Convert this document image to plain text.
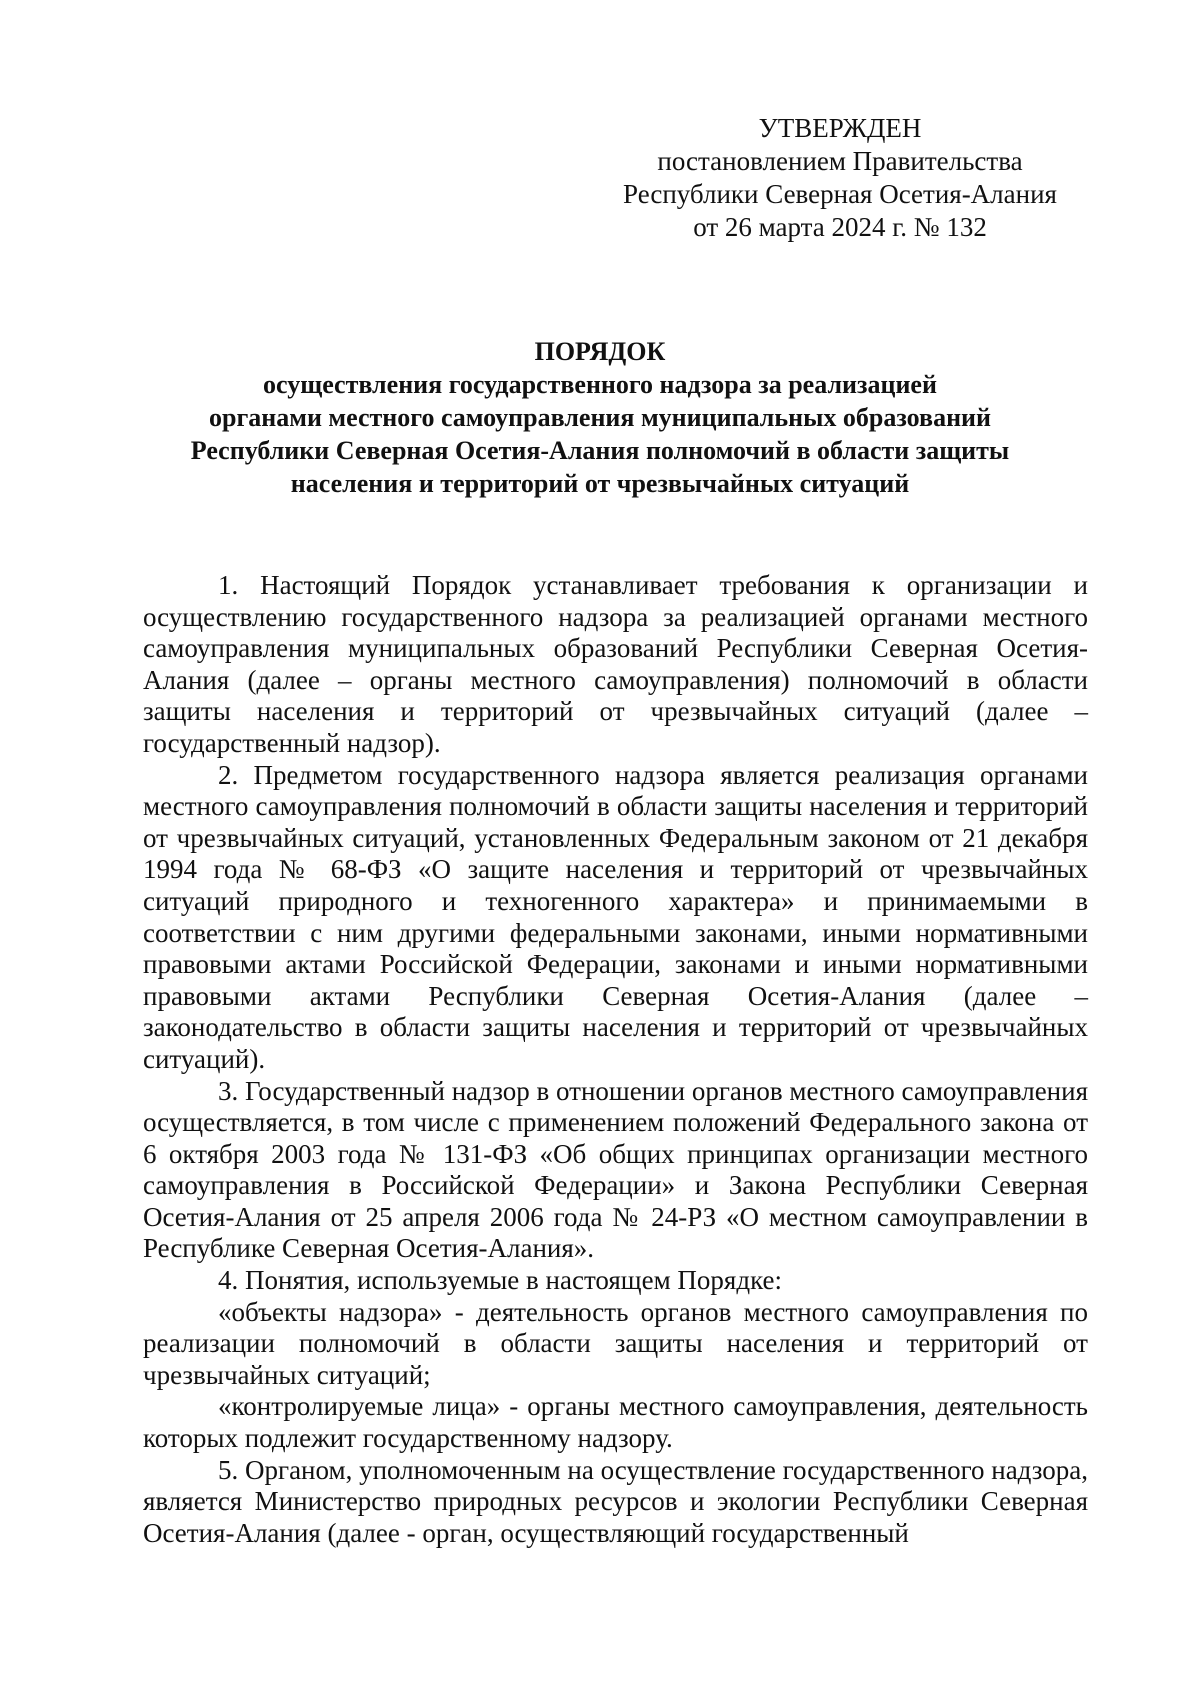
УТВЕРЖДЕН
постановлением Правительства
Республики Северная Осетия-Алания
от 26 марта 2024 г. № 132
ПОРЯДОК
осуществления государственного надзора за реализацией
органами местного самоуправления муниципальных образований
Республики Северная Осетия-Алания полномочий в области защиты
населения и территорий от чрезвычайных ситуаций

1. Настоящий Порядок устанавливает требования к организации и осуществлению государственного надзора за реализацией органами местного самоуправления муниципальных образований Республики Северная Осетия-Алания (далее – органы местного самоуправления) полномочий в области защиты населения и территорий от чрезвычайных ситуаций (далее – государственный надзор).

2. Предметом государственного надзора является реализация органами местного самоуправления полномочий в области защиты населения и территорий от чрезвычайных ситуаций, установленных Федеральным законом от 21 декабря 1994 года № 68-ФЗ «О защите населения и территорий от чрезвычайных ситуаций природного и техногенного характера» и принимаемыми в соответствии с ним другими федеральными законами, иными нормативными правовыми актами Российской Федерации, законами и иными нормативными правовыми актами Республики Северная Осетия-Алания (далее – законодательство в области защиты населения и территорий от чрезвычайных ситуаций).

3. Государственный надзор в отношении органов местного самоуправления осуществляется, в том числе с применением положений Федерального закона от 6 октября 2003 года № 131-ФЗ «Об общих принципах организации местного самоуправления в Российской Федерации» и Закона Республики Северная Осетия-Алания от 25 апреля 2006 года № 24-РЗ «О местном самоуправлении в Республике Северная Осетия-Алания».

4. Понятия, используемые в настоящем Порядке:

«объекты надзора» - деятельность органов местного самоуправления по реализации полномочий в области защиты населения и территорий от чрезвычайных ситуаций;

«контролируемые лица» - органы местного самоуправления, деятельность которых подлежит государственному надзору.

5. Органом, уполномоченным на осуществление государственного надзора, является Министерство природных ресурсов и экологии Республики Северная Осетия-Алания (далее - орган, осуществляющий государственный
